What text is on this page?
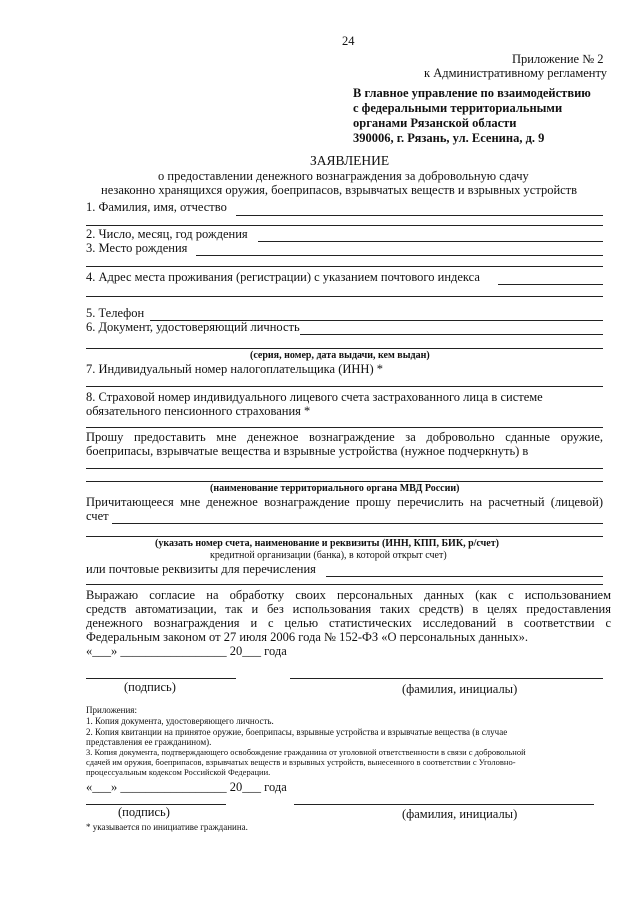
24
Приложение № 2
к Административному регламенту
В главное управление по взаимодействию
с федеральными территориальными
органами Рязанской области
390006, г. Рязань, ул. Есенина, д. 9
ЗАЯВЛЕНИЕ
о предоставлении денежного вознаграждения за добровольную сдачу
незаконно хранящихся оружия, боеприпасов, взрывчатых веществ и взрывных устройств
1. Фамилия, имя, отчество
2. Число, месяц, год рождения
3. Место рождения
4. Адрес места проживания (регистрации) с указанием почтового индекса
5. Телефон
6. Документ, удостоверяющий личность
(серия, номер, дата выдачи, кем выдан)
7. Индивидуальный номер налогоплательщика (ИНН) *
8. Страховой номер индивидуального лицевого счета застрахованного лица в системе
обязательного пенсионного страхования *
Прошу предоставить мне денежное вознаграждение за добровольно сданные оружие,
боеприпасы, взрывчатые вещества и взрывные устройства (нужное подчеркнуть) в
(наименование территориального органа МВД России)
Причитающееся мне денежное вознаграждение прошу перечислить на расчетный (лицевой)
счет
(указать номер счета, наименование и реквизиты (ИНН, КПП, БИК, р/счет)
кредитной организации (банка), в которой открыт счет)
или почтовые реквизиты для перечисления
Выражаю согласие на обработку своих персональных данных (как с использованием
средств автоматизации, так и без использования таких средств) в целях предоставления
денежного вознаграждения и с целью статистических исследований в соответствии с
Федеральным законом от 27 июля 2006 года № 152-ФЗ «О персональных данных».
«___» _________________ 20___ года
(подпись)	(фамилия, инициалы)
Приложения:
1. Копия документа, удостоверяющего личность.
2. Копия квитанции на принятое оружие, боеприпасы, взрывные устройства и взрывчатые вещества (в случае
представления ее гражданином).
3. Копия документа, подтверждающего освобождение гражданина от уголовной ответственности в связи с добровольной
сдачей им оружия, боеприпасов, взрывчатых веществ и взрывных устройств, вынесенного в соответствии с Уголовно-
процессуальным кодексом Российской Федерации.
«___» _________________ 20___ года
(подпись)	(фамилия, инициалы)
* указывается по инициативе гражданина.
